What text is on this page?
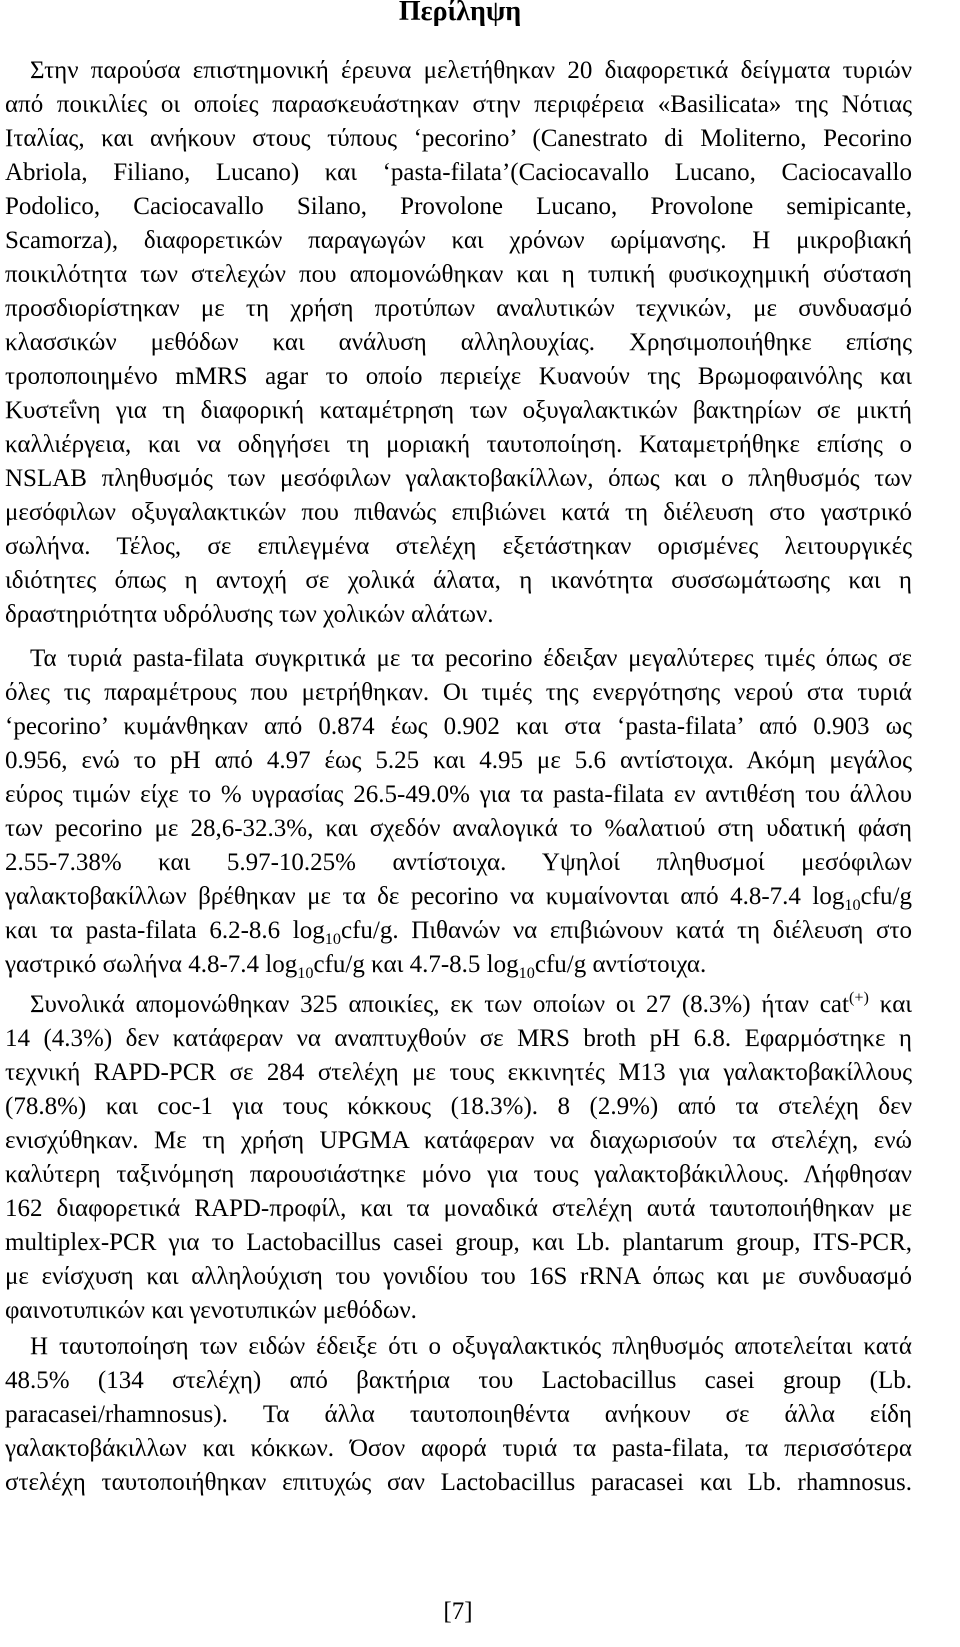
Περίληψη
Στην παρούσα επιστημονική έρευνα μελετήθηκαν 20 διαφορετικά δείγματα τυριών
από ποικιλίες οι οποίες παρασκευάστηκαν στην περιφέρεια «Basilicata» της Νότιας
Ιταλίας, και ανήκουν στους τύπους ‘pecorino’ (Canestrato di Moliterno, Pecorino
Abriola, Filiano, Lucano) και ‘pasta-filata’(Caciocavallo Lucano, Caciocavallo
Podolico, Caciocavallo Silano, Provolone Lucano, Provolone semipicante,
Scamorza), διαφορετικών παραγωγών και χρόνων ωρίμανσης. Η μικροβιακή
ποικιλότητα των στελεχών που απομονώθηκαν και η τυπική φυσικοχημική σύσταση
προσδιορίστηκαν με τη χρήση προτύπων αναλυτικών τεχνικών, με συνδυασμό
κλασσικών μεθόδων και ανάλυση αλληλουχίας. Χρησιμοποιήθηκε επίσης
τροποποιημένο mMRS agar το οποίο περιείχε Κυανούν της Βρωμοφαινόλης και
Κυστεΐνη για τη διαφορική καταμέτρηση των οξυγαλακτικών βακτηρίων σε μικτή
καλλιέργεια, και να οδηγήσει τη μοριακή ταυτοποίηση. Καταμετρήθηκε επίσης ο
NSLAB πληθυσμός των μεσόφιλων γαλακτοβακίλλων, όπως και ο πληθυσμός των
μεσόφιλων οξυγαλακτικών που πιθανώς επιβιώνει κατά τη διέλευση στο γαστρικό
σωλήνα. Τέλος, σε επιλεγμένα στελέχη εξετάστηκαν ορισμένες λειτουργικές
ιδιότητες όπως η αντοχή σε χολικά άλατα, η ικανότητα συσσωμάτωσης και η
δραστηριότητα υδρόλυσης των χολικών αλάτων.
Τα τυριά pasta-filata συγκριτικά με τα pecorino έδειξαν μεγαλύτερες τιμές όπως σε
όλες τις παραμέτρους που μετρήθηκαν. Οι τιμές της ενεργότησης νερού στα τυριά
‘pecorino’ κυμάνθηκαν από 0.874 έως 0.902 και στα ‘pasta-filata’ από 0.903 ως
0.956, ενώ το pH από 4.97 έως 5.25 και 4.95 με 5.6 αντίστοιχα. Ακόμη μεγάλος
εύρος τιμών είχε το % υγρασίας 26.5-49.0% για τα pasta-filata εν αντιθέση του άλλου
των pecorino με 28,6-32.3%, και σχεδόν αναλογικά το %αλατιού στη υδατική φάση
2.55-7.38% και 5.97-10.25% αντίστοιχα. Υψηλοί πληθυσμοί μεσόφιλων
γαλακτοβακίλλων βρέθηκαν με τα δε pecorino να κυμαίνονται από 4.8-7.4 $\log_{10}cfu/g$
και τα pasta-filata 6.2-8.6 $\log_{10}cfu/g$. Πιθανών να επιβιώνουν κατά τη διέλευση στο
γαστρικό σωλήνα 4.8-7.4 $\log_{10}cfu/g$ και 4.7-8.5 $\log_{10}cfu/g$ αντίστοιχα.
Συνολικά απομονώθηκαν 325 αποικίες, εκ των οποίων οι 27 (8.3%) ήταν cat(+) και
14 (4.3%) δεν κατάφεραν να αναπτυχθούν σε MRS broth pH 6.8. Εφαρμόστηκε η
τεχνική RAPD-PCR σε 284 στελέχη με τους εκκινητές M13 για γαλακτοβακίλλους
(78.8%) και coc-1 για τους κόκκους (18.3%). 8 (2.9%) από τα στελέχη δεν
ενισχύθηκαν. Με τη χρήση UPGMA κατάφεραν να διαχωρισούν τα στελέχη, ενώ
καλύτερη ταξινόμηση παρουσιάστηκε μόνο για τους γαλακτοβάκιλλους. Λήφθησαν
162 διαφορετικά RAPD-προφίλ, και τα μοναδικά στελέχη αυτά ταυτοποιήθηκαν με
multiplex-PCR για το Lactobacillus casei group, και Lb. plantarum group, ITS-PCR,
με ενίσχυση και αλληλούχιση του γονιδίου του 16S rRNA όπως και με συνδυασμό
φαινοτυπικών και γενοτυπικών μεθόδων.
Η ταυτοποίηση των ειδών έδειξε ότι ο οξυγαλακτικός πληθυσμός αποτελείται κατά
48.5% (134 στελέχη) από βακτήρια του Lactobacillus casei group (Lb.
paracasei/rhamnosus). Τα άλλα ταυτοποιηθέντα ανήκουν σε άλλα είδη
γαλακτοβάκιλλων και κόκκων. Όσον αφορά τυριά τα pasta-filata, τα περισσότερα
στελέχη ταυτοποιήθηκαν επιτυχώς σαν Lactobacillus paracasei και Lb. rhamnosus.
[7]
